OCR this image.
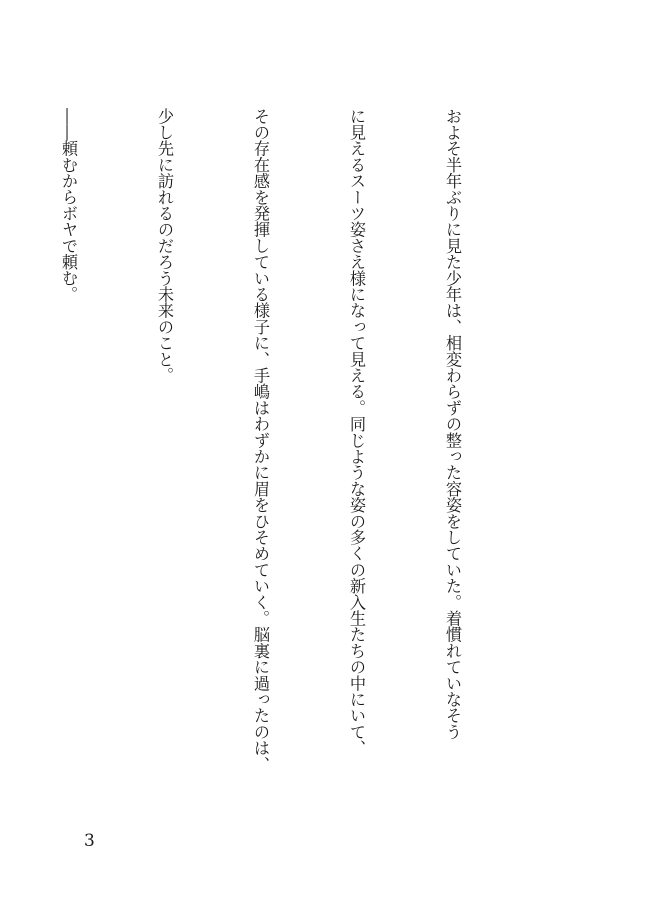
およそ半年ぶりに見た少年は、相変わらずの整った容姿をしていた。着慣れていなそう

に見えるスーツ姿さえ様になって見える。同じような姿の多くの新入生たちの中にいて、

その存在感を発揮している様子に、手嶋はわずかに眉をひそめていく。脳裏に過ったのは、

少し先に訪れるのだろう未来のこと。

――頼むからボヤで頼む。

3
